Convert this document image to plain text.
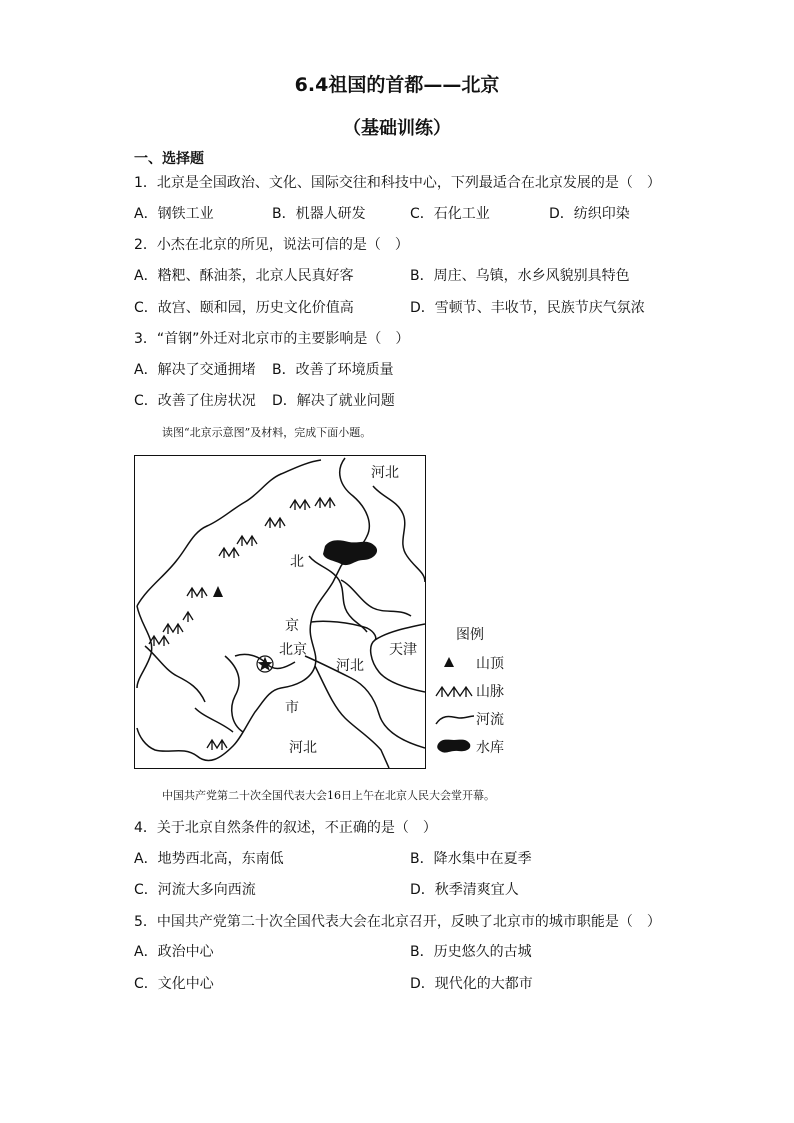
6.4祖国的首都——北京
（基础训练）
一、选择题
1．北京是全国政治、文化、国际交往和科技中心，下列最适合在北京发展的是（　）
A．钢铁工业	B．机器人研发	C．石化工业	D．纺织印染
2．小杰在北京的所见，说法可信的是（　）
A．糌粑、酥油茶，北京人民真好客	B．周庄、乌镇，水乡风貌别具特色
C．故宫、颐和园，历史文化价值高	D．雪顿节、丰收节，民族节庆气氛浓
3．“首钢”外迁对北京市的主要影响是（　）
A．解决了交通拥堵 B．改善了环境质量
C．改善了住房状况 D．解决了就业问题
读图“北京示意图”及材料，完成下面小题。
河北
北
京
北京
河北
天津
市
河北
图例
山顶
山脉
河流
水库
中国共产党第二十次全国代表大会16日上午在北京人民大会堂开幕。
4．关于北京自然条件的叙述，不正确的是（　）
A．地势西北高，东南低	B．降水集中在夏季
C．河流大多向西流	D．秋季清爽宜人
5．中国共产党第二十次全国代表大会在北京召开，反映了北京市的城市职能是（　）
A．政治中心	B．历史悠久的古城
C．文化中心	D．现代化的大都市
